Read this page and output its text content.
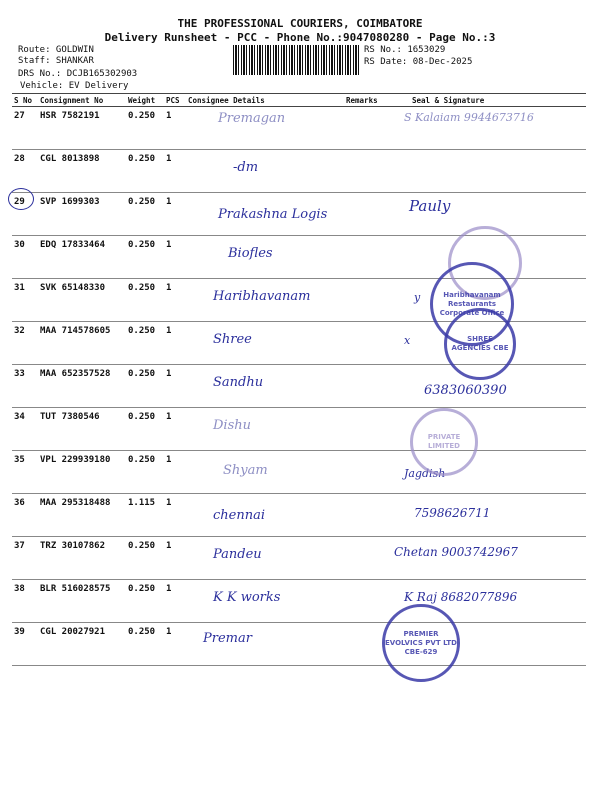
THE PROFESSIONAL COURIERS, COIMBATORE
Delivery Runsheet - PCC - Phone No.:9047080280 - Page No.:3
Route: GOLDWIN
Staff: SHANKAR
DRS No.: DCJB165302903
Vehicle: EV Delivery
RS No.: 1653029
RS Date: 08-Dec-2025
S No	Consignment No	Weight	PCS	Consignee Details	Remarks	Seal & Signature
27	HSR 7582191	0.250	1	Premagan		S Kalaiam 9944673716
28	CGL 8013898	0.250	1	-dm		
29	SVP 1699303	0.250	1	Prakashna Logis		Pauly
30	EDQ 17833464	0.250	1	Biofles		
31	SVK 65148330	0.250	1	Haribhavanam		y
32	MAA 714578605	0.250	1	Shree		x
33	MAA 652357528	0.250	1	Sandhu		6383060390
34	TUT 7380546	0.250	1	Dishu		
35	VPL 229939180	0.250	1	Shyam		Jagdish
36	MAA 295318488	1.115	1	chennai		7598626711
37	TRZ 30107862	0.250	1	Pandeu		Chetan 9003742967
38	BLR 516028575	0.250	1	K K works		K Raj 8682077896
39	CGL 20027921	0.250	1	Premar		
Haribhavanam Restaurants Corporate Office
SHREE AGENCIES CBE
PRIVATE LIMITED
PREMIER EVOLVICS PVT LTD CBE-629
